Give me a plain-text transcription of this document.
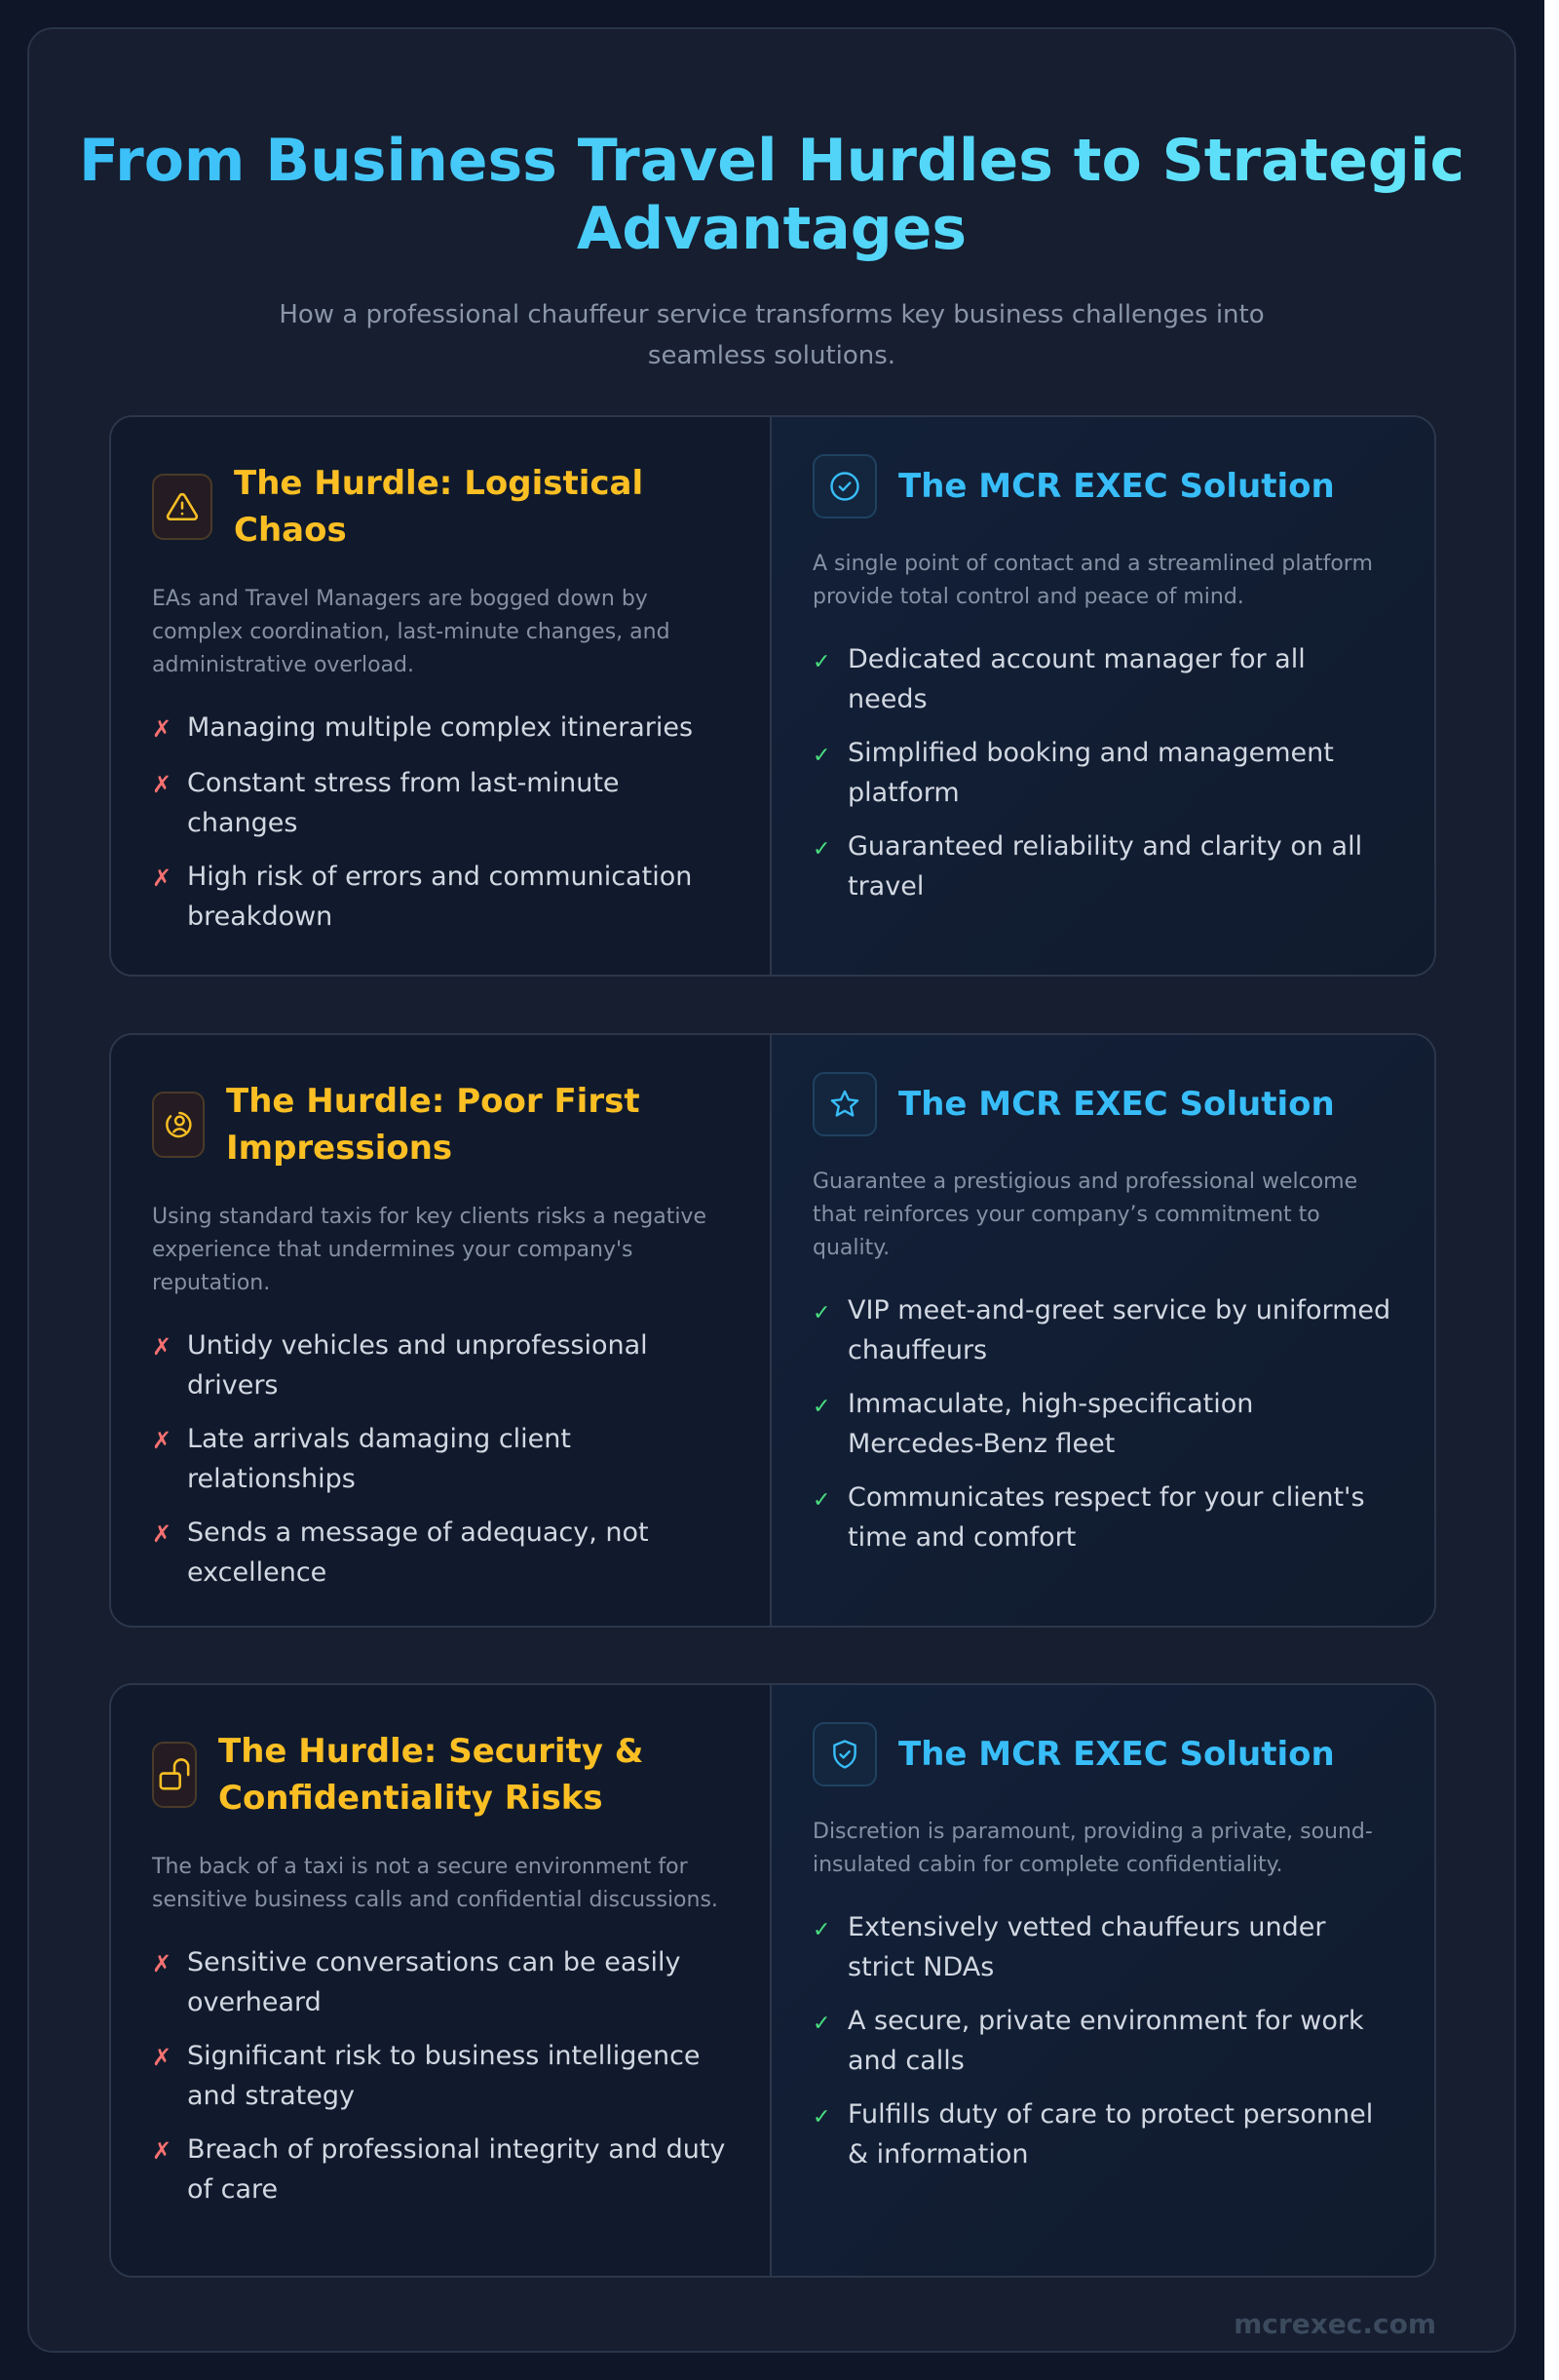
From Business Travel Hurdles to Strategic Advantages

How a professional chauffeur service transforms key business challenges into seamless solutions.

The Hurdle: Logistical Chaos

EAs and Travel Managers are bogged down by complex coordination, last-minute changes, and administrative overload.

✗ Managing multiple complex itineraries
✗ Constant stress from last-minute changes
✗ High risk of errors and communication breakdown
The MCR EXEC Solution

A single point of contact and a streamlined platform provide total control and peace of mind.

✓ Dedicated account manager for all needs
✓ Simplified booking and management platform
✓ Guaranteed reliability and clarity on all travel
The Hurdle: Poor First Impressions

Using standard taxis for key clients risks a negative experience that undermines your company's reputation.

✗ Untidy vehicles and unprofessional drivers
✗ Late arrivals damaging client relationships
✗ Sends a message of adequacy, not excellence
The MCR EXEC Solution

Guarantee a prestigious and professional welcome that reinforces your company’s commitment to quality.

✓ VIP meet-and-greet service by uniformed chauffeurs
✓ Immaculate, high-specification Mercedes-Benz fleet
✓ Communicates respect for your client's time and comfort
The Hurdle: Security & Confidentiality Risks

The back of a taxi is not a secure environment for sensitive business calls and confidential discussions.

✗ Sensitive conversations can be easily overheard
✗ Significant risk to business intelligence and strategy
✗ Breach of professional integrity and duty of care
The MCR EXEC Solution

Discretion is paramount, providing a private, sound-insulated cabin for complete confidentiality.

✓ Extensively vetted chauffeurs under strict NDAs
✓ A secure, private environment for work and calls
✓ Fulfills duty of care to protect personnel & information
mcrexec.com
